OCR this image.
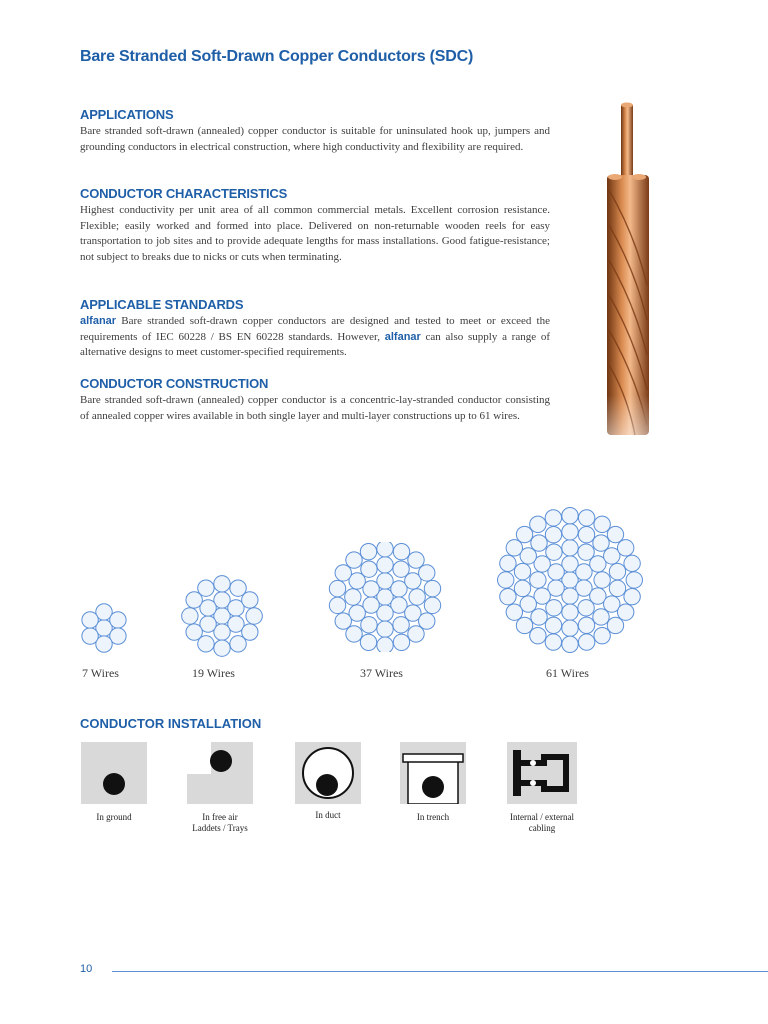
Bare Stranded Soft-Drawn Copper Conductors (SDC)
APPLICATIONS

Bare stranded soft-drawn (annealed) copper conductor is suitable for uninsulated hook up, jumpers and grounding conductors in electrical construction, where high conductivity and flexibility are required.

CONDUCTOR CHARACTERISTICS

Highest conductivity per unit area of all common commercial metals. Excellent corrosion resistance. Flexible; easily worked and formed into place. Delivered on non-returnable wooden reels for easy transportation to job sites and to provide adequate lengths for mass installations. Good fatigue-resistance; not subject to breaks due to nicks or cuts when terminating.

APPLICABLE STANDARDS

alfanar Bare stranded soft-drawn copper conductors are designed and tested to meet or exceed the requirements of IEC 60228 / BS EN 60228 standards. However, alfanar can also supply a range of alternative designs to meet customer-specified requirements.

CONDUCTOR CONSTRUCTION

Bare stranded soft-drawn (annealed) copper conductor is a concentric-lay-stranded conductor consisting of annealed copper wires available in both single layer and multi-layer constructions up to 61 wires.

7 Wires	19 Wires	37 Wires	61 Wires
CONDUCTOR INSTALLATION
In ground	In free air
Laddets / Trays
In duct	In trench	Internal / external
cabling
10
